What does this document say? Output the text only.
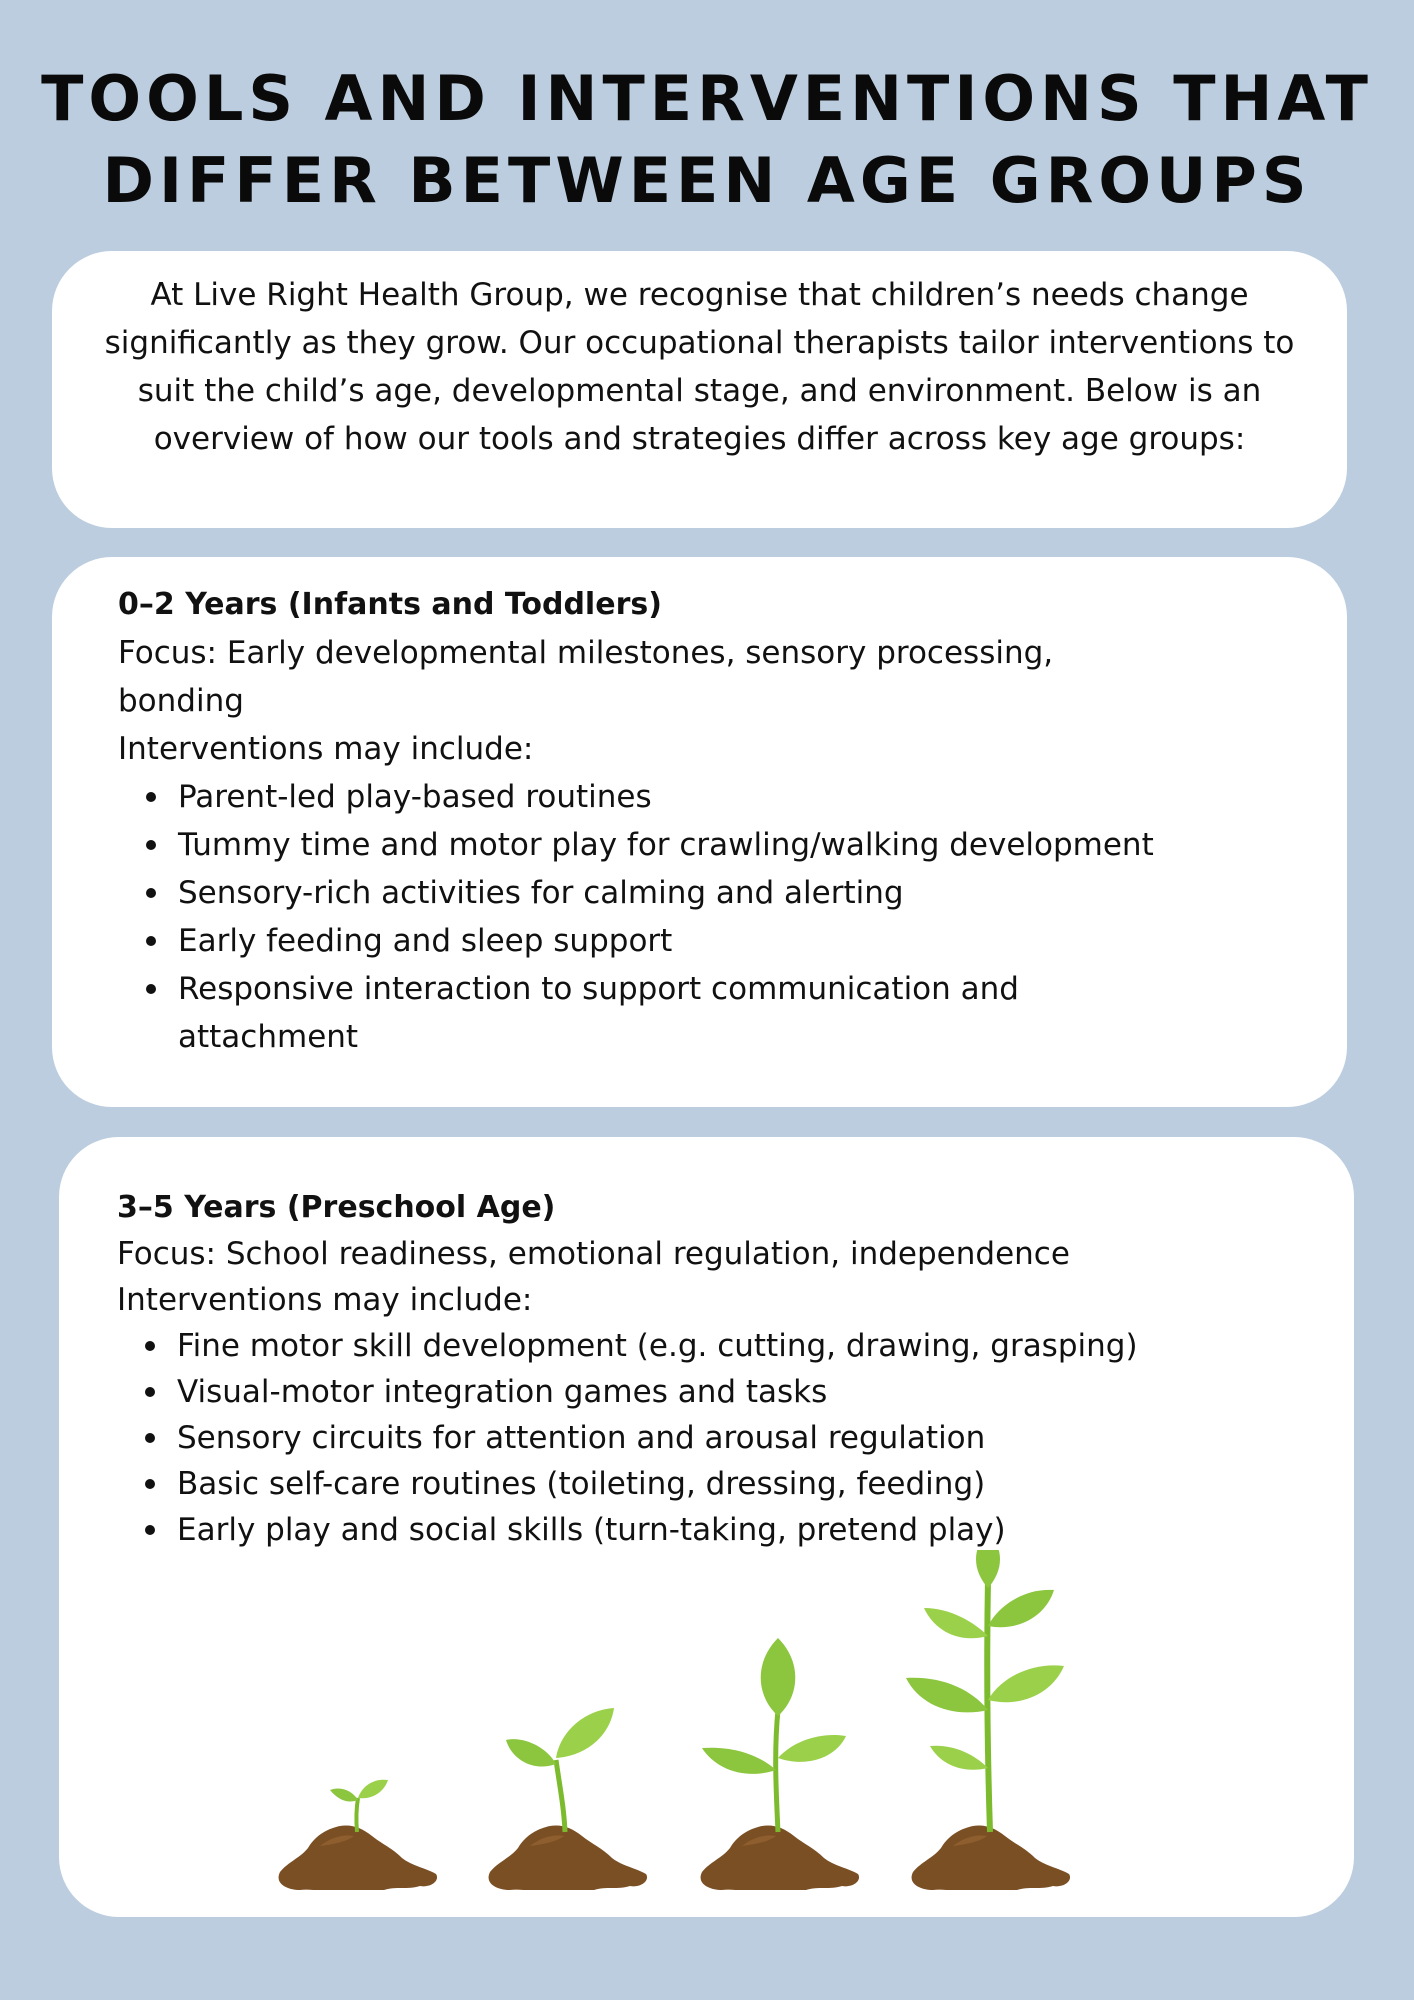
TOOLS AND INTERVENTIONS THAT
DIFFER BETWEEN AGE GROUPS

At Live Right Health Group, we recognise that children’s needs change significantly as they grow. Our occupational therapists tailor interventions to suit the child’s age, developmental stage, and environment. Below is an overview of how our tools and strategies differ across key age groups:

0–2 Years (Infants and Toddlers)

Focus: Early developmental milestones, sensory processing, bonding

Interventions may include:

Parent-led play-based routines
Tummy time and motor play for crawling/walking development
Sensory-rich activities for calming and alerting
Early feeding and sleep support
Responsive interaction to support communication and attachment

3–5 Years (Preschool Age)

Focus: School readiness, emotional regulation, independence

Interventions may include:

Fine motor skill development (e.g. cutting, drawing, grasping)
Visual-motor integration games and tasks
Sensory circuits for attention and arousal regulation
Basic self-care routines (toileting, dressing, feeding)
Early play and social skills (turn-taking, pretend play)
